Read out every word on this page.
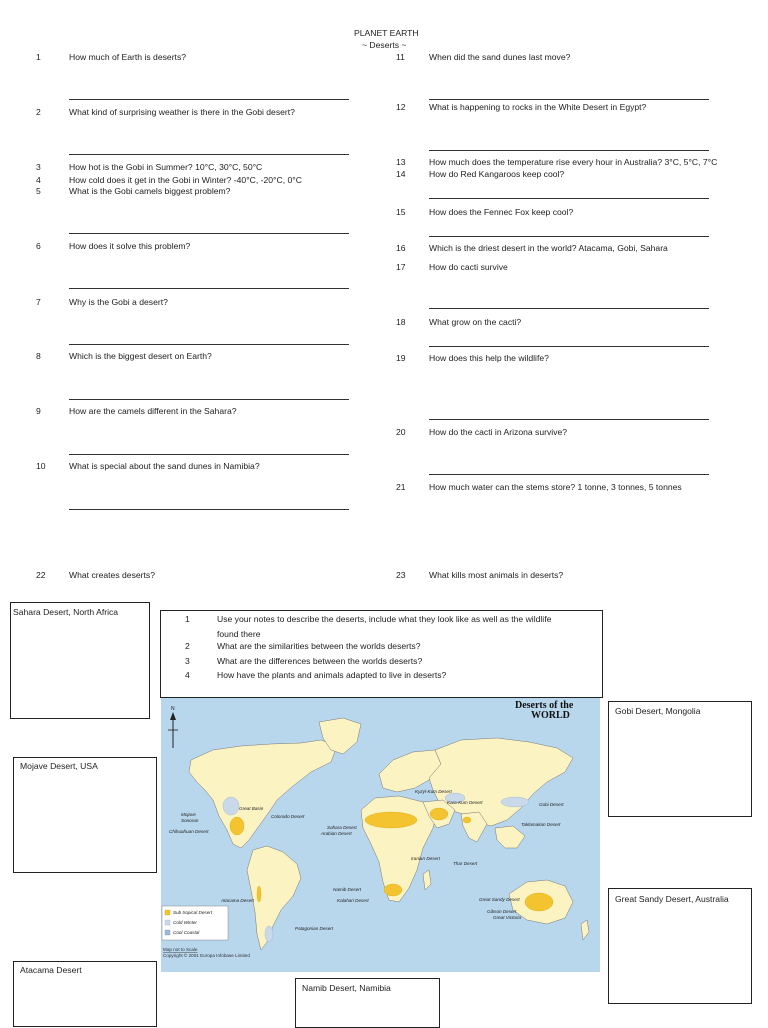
PLANET EARTH
~ Deserts ~
1	How much of Earth is deserts?
2	What kind of surprising weather is there in the Gobi desert?
3	How hot is the Gobi in Summer? 10°C, 30°C, 50°C
4	How cold does it get in the Gobi in Winter? -40°C, -20°C, 0°C
5	What is the Gobi camels biggest problem?
6	How does it solve this problem?
7	Why is the Gobi a desert?
8	Which is the biggest desert on Earth?
9	How are the camels different in the Sahara?
10	What is special about the sand dunes in Namibia?
11	When did the sand dunes last move?
12	What is happening to rocks in the White Desert in Egypt?
13	How much does the temperature rise every hour in Australia? 3°C, 5°C, 7°C
14	How do Red Kangaroos keep cool?
15	How does the Fennec Fox keep cool?
16	Which is the driest desert in the world? Atacama, Gobi, Sahara
17	How do cacti survive
18	What grow on the cacti?
19	How does this help the wildlife?
20	How do the cacti in Arizona survive?
21	How much water can the stems store? 1 tonne, 3 tonnes, 5 tonnes
22	What creates deserts?	23	What kills most animals in deserts?
1	Use your notes to describe the deserts, include what they look like as well as the wildlife
found there
2	What are the similarities between the worlds deserts?
3	What are the differences between the worlds deserts?
4	How have the plants and animals adapted to live in deserts?
Sahara Desert, North Africa
Mojave Desert, USA
Atacama Desert
Namib Desert, Namibia
Gobi Desert, Mongolia
Great Sandy Desert, Australia
N	Deserts of the
WORLD
Mojave
Sonoran
Great Basin
Colorado Desert
Chihuahuan Desert
Sahara Desert
Arabian Desert
Kyzyl-Kum Desert
Kara-Kum Desert	Gobi Desert
Taklamakan Desert
Iranian Desert
Thar Desert
Namib Desert
Kalahari Desert
Atacama Desert
Patagonian Desert
Great Sandy Desert
Gibson Desert
Great Victoria
Sub tropical Desert
Cold Winter
Cool Coastal
Map not to Scale
Copyright © 2001 Europa Infobase Limited
